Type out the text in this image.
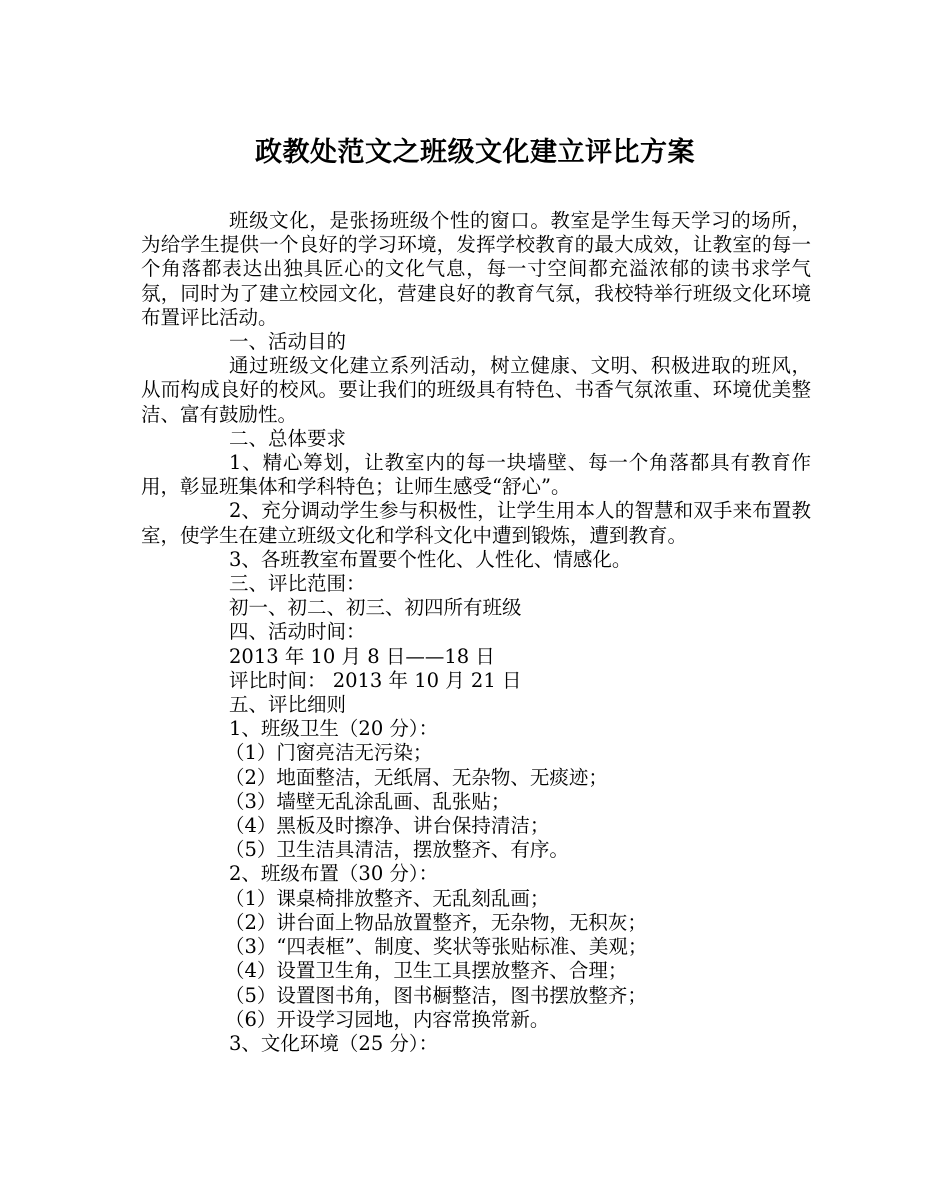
政教处范文之班级文化建立评比方案

班级文化，是张扬班级个性的窗口。教室是学生每天学习的场所，为给学生提供一个良好的学习环境，发挥学校教育的最大成效，让教室的每一个角落都表达出独具匠心的文化气息，每一寸空间都充溢浓郁的读书求学气氛，同时为了建立校园文化，营建良好的教育气氛，我校特举行班级文化环境布置评比活动。

一、活动目的

通过班级文化建立系列活动，树立健康、文明、积极进取的班风，从而构成良好的校风。要让我们的班级具有特色、书香气氛浓重、环境优美整洁、富有鼓励性。

二、总体要求

1、精心筹划，让教室内的每一块墙壁、每一个角落都具有教育作用，彰显班集体和学科特色；让师生感受“舒心”。

2、充分调动学生参与积极性，让学生用本人的智慧和双手来布置教室，使学生在建立班级文化和学科文化中遭到锻炼，遭到教育。

3、各班教室布置要个性化、人性化、情感化。

三、评比范围：

初一、初二、初三、初四所有班级

四、活动时间：

2013 年 10 月 8 日——18 日

评比时间： 2013 年 10 月 21 日

五、评比细则

1、班级卫生（20 分）：

（1）门窗亮洁无污染；

（2）地面整洁，无纸屑、无杂物、无痰迹；

（3）墙壁无乱涂乱画、乱张贴；

（4）黑板及时擦净、讲台保持清洁；

（5）卫生洁具清洁，摆放整齐、有序。

2、班级布置（30 分）：

（1）课桌椅排放整齐、无乱刻乱画；

（2）讲台面上物品放置整齐，无杂物，无积灰；

（3）“四表框”、制度、奖状等张贴标准、美观；

（4）设置卫生角，卫生工具摆放整齐、合理；

（5）设置图书角，图书橱整洁，图书摆放整齐；

（6）开设学习园地，内容常换常新。

3、文化环境（25 分）：
